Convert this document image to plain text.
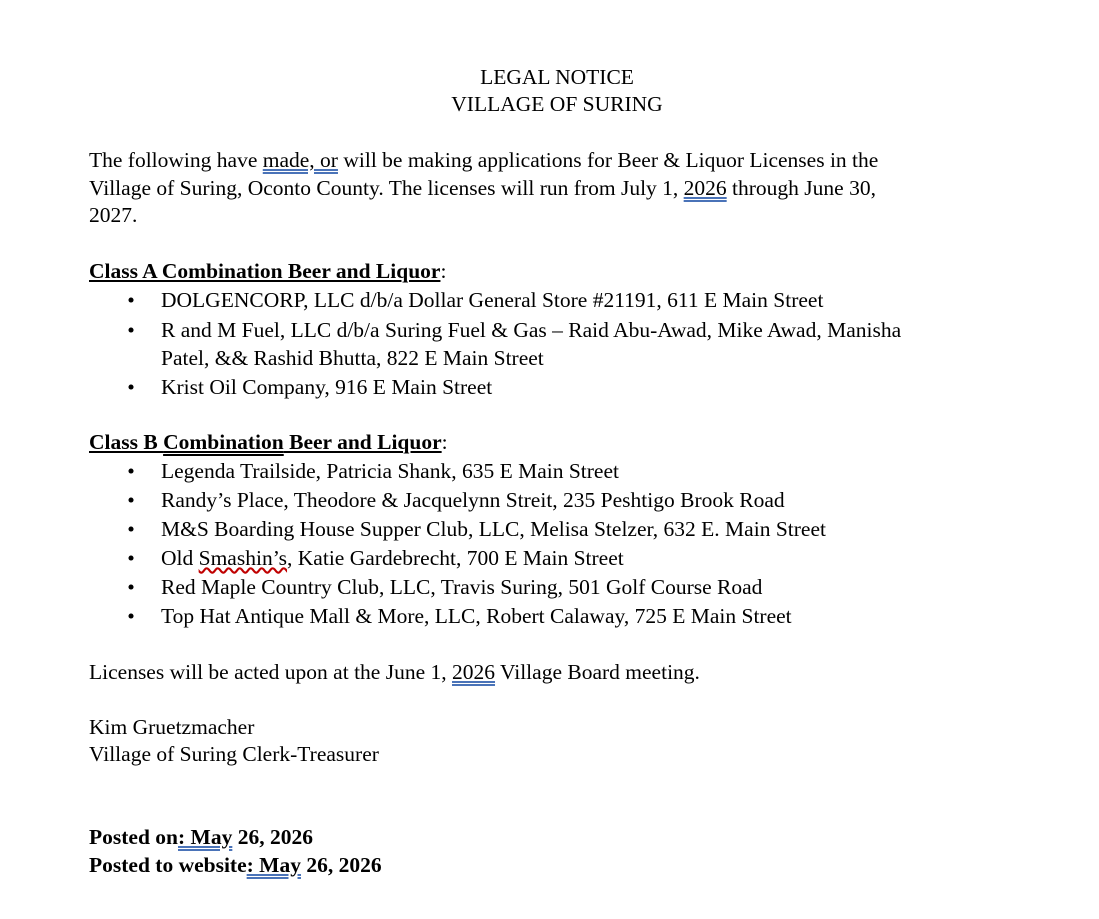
LEGAL NOTICE
VILLAGE OF SURING

The following have made, or will be making applications for Beer & Liquor Licenses in the

Village of Suring, Oconto County. The licenses will run from July 1, 2026 through June 30,

2027.

Class A Combination Beer and Liquor:
• DOLGENCORP, LLC d/b/a Dollar General Store #21191, 611 E Main Street
• R and M Fuel, LLC d/b/a Suring Fuel & Gas – Raid Abu-Awad, Mike Awad, Manisha
Patel, && Rashid Bhutta, 822 E Main Street
• Krist Oil Company, 916 E Main Street
Class B Combination Beer and Liquor:
• Legenda Trailside, Patricia Shank, 635 E Main Street
• Randy’s Place, Theodore & Jacquelynn Streit, 235 Peshtigo Brook Road
• M&S Boarding House Supper Club, LLC, Melisa Stelzer, 632 E. Main Street
• Old Smashin’s, Katie Gardebrecht, 700 E Main Street
• Red Maple Country Club, LLC, Travis Suring, 501 Golf Course Road
• Top Hat Antique Mall & More, LLC, Robert Calaway, 725 E Main Street
Licenses will be acted upon at the June 1, 2026 Village Board meeting.
Kim Gruetzmacher
Village of Suring Clerk-Treasurer
Posted on: May 26, 2026
Posted to website: May 26, 2026
